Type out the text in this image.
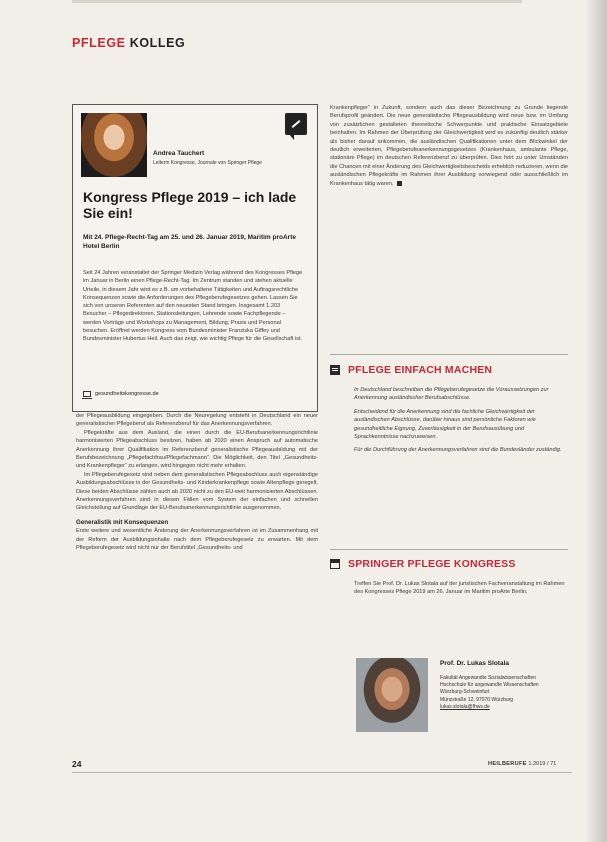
PFLEGE KOLLEG
Andrea Tauchert
Leiterin Kongresse, Journale von Springer Pflege
Kongress Pflege 2019 – ich lade Sie ein!

Mit 24. Pflege-Recht-Tag am 25. und 26. Januar 2019, Maritim proArte Hotel Berlin

Seit 24 Jahren veranstaltet der Springer Medizin Verlag während des Kongresses Pflege im Januar in Berlin einen Pflege-Recht-Tag. Im Zentrum standen und stehen aktuelle Urteile, in diesem Jahr wird es z.B. um vorbehaltene Tätigkeiten und Auftragsrechtliche Konsequenzen sowie die Anforderungen des Pflegeberufegesetzes gehen. Lassen Sie sich von unseren Referenten auf den neuesten Stand bringen. Insgesamt 1.203 Besucher – Pflegedirektoren, Stationsleitungen, Lehrende sowie Fachpflegende – werden Vorträge und Workshops zu Management, Bildung, Praxis und Personal besuchen. Eröffnet werden Kongress vom Bundesminister Franziska Giffey und Bundesminister Hubertus Heil. Auch das zeigt, wie wichtig Pflege für die Gesellschaft ist.

gesundheitskongresse.de

der Pflegeausbildung eingegeben. Durch die Neuregelung entsteht in Deutschland ein neuer generalistischer Pflegeberuf als Referenzberuf für das Anerkennungsverfahren.

Pflegekräfte aus dem Ausland, die einen durch die EU-Berufsanerkennungsrichtlinie harmonisierten Pflegeabschluss besitzen, haben ab 2020 einen Anspruch auf automatische Anerkennung ihrer Qualifikation im Referenzberuf generalistische Pflegeausbildung mit der Berufsbezeichnung „Pflegefachfrau/Pflegefachmann“. Die Möglichkeit, den Titel „Gesundheits- und Krankenpfleger“ zu erlangen, wird hingegen nicht mehr erhalten.

Im Pflegeberufegesetz sind neben dem generalistischen Pflegeabschluss auch eigenständige Ausbildungsabschlüsse in der Gesundheits- und Kinderkrankenpflege sowie Altenpflege geregelt. Diese beiden Abschlüsse zählen auch ab 2020 nicht zu den EU-weit harmonisierten Abschlüssen. Anerkennungsverfahren sind in diesen Fällen vom System der einfachen und schnellen Gleichstellung auf Grundlage der EU-Berufsanerkennungsrichtlinie ausgenommen.

Generalistik mit Konsequenzen

Erste weitere und wesentliche Änderung der Anerkennungsverfahren ist im Zusammenhang mit der Reform der Ausbildungsinhalte nach dem Pflegeberufegesetz zu erwarten. Mit dem Pflegeberufegesetz wird nicht nur der Berufstitel „Gesundheits- und

Krankenpfleger“ in Zukunft, sondern auch das dieser Bezeichnung zu Grunde liegende Berufsprofil geändert. Die neue generalistische Pflegeausbildung wird neue bzw. im Umfang von zusätzlichen gestalteten theoretische Schwerpunkte und praktische Einsatzgebiete beinhalten. Im Rahmen der Überprüfung der Gleichwertigkeit wird es zukünftig deutlich stärker als bisher darauf ankommen, die ausländischen Qualifikationen unter dem Blickwinkel der deutlich erweiterten, Pflegeberufeanerkennungsgesetzes (Krankenhaus, ambulante Pflege, stationäre Pflege) im deutschen Referenzberuf zu überprüfen. Dies hört zu unter Umständen die Chancen mit einer Änderung des Gleichwertigkeitsbescheids erheblich reduzieren, wenn die ausländischen Pflegekräfte im Rahmen ihrer Ausbildung vorwiegend oder ausschließlich im Krankenhaus tätig waren.

PFLEGE EINFACH MACHEN

In Deutschland beschreiben die Pflegeberufegesetze die Voraussetzungen zur Anerkennung ausländischer Berufsabschlüsse.

Entscheidend für die Anerkennung sind die fachliche Gleichwertigkeit der ausländischen Abschlüsse, darüber hinaus sind persönliche Faktoren wie gesundheitliche Eignung, Zuverlässigkeit in der Berufsausübung und Sprachkenntnisse nachzuweisen.

Für die Durchführung der Anerkennungsverfahren sind die Bundesländer zuständig.

SPRINGER PFLEGE KONGRESS

Treffen Sie Prof. Dr. Lukas Slotala auf der juristischen Fachveranstaltung im Rahmen des Kongresses Pflege 2019 am 26. Januar im Maritim proArte Berlin.

Prof. Dr. Lukas Slotala
Fakultät Angewandte Sozialwissenschaften
Hochschule für angewandte Wissenschaften
Würzburg-Schweinfurt
Münzstraße 12, 97070 Würzburg
lukas.slotala@fhws.de
24	HEILBERUFE 1.2019 / 71
